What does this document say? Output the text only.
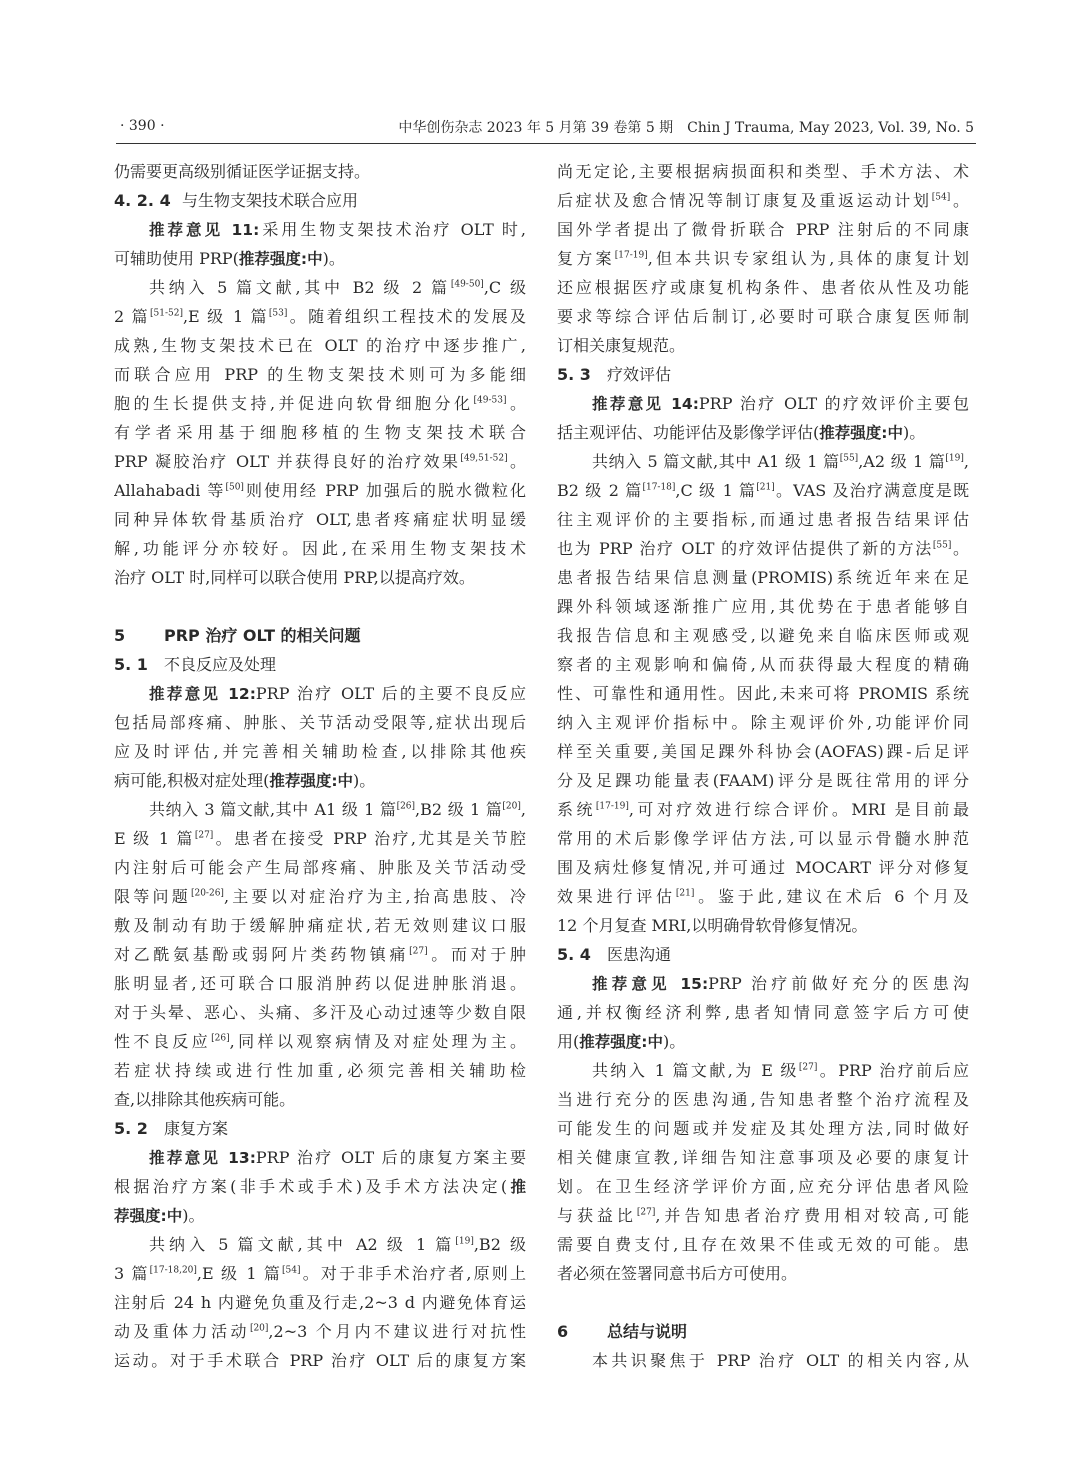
· 390 ·	中华创伤杂志 2023 年 5 月第 39 卷第 5 期　Chin J Trauma, May 2023, Vol. 39, No. 5
仍需要更高级别循证医学证据支持。
4. 2. 4 与生物支架技术联合应用
推荐意见 11:采用生物支架技术治疗 OLT 时,
可辅助使用 PRP(推荐强度:中)。
共纳入 5 篇文献,其中 B2 级 2 篇[49-50],C 级
2 篇[51-52],E 级 1 篇[53]。随着组织工程技术的发展及
成熟,生物支架技术已在 OLT 的治疗中逐步推广,
而联合应用 PRP 的生物支架技术则可为多能细
胞的生长提供支持,并促进向软骨细胞分化[49-53]。
有学者采用基于细胞移植的生物支架技术联合
PRP 凝胶治疗 OLT 并获得良好的治疗效果[49,51-52]。
Allahabadi 等[50]则使用经 PRP 加强后的脱水微粒化
同种异体软骨基质治疗 OLT,患者疼痛症状明显缓
解,功能评分亦较好。因此,在采用生物支架技术
治疗 OLT 时,同样可以联合使用 PRP,以提高疗效。
5 PRP 治疗 OLT 的相关问题
5. 1 不良反应及处理
推荐意见 12:PRP 治疗 OLT 后的主要不良反应
包括局部疼痛、肿胀、关节活动受限等,症状出现后
应及时评估,并完善相关辅助检查,以排除其他疾
病可能,积极对症处理(推荐强度:中)。
共纳入 3 篇文献,其中 A1 级 1 篇[26],B2 级 1 篇[20],
E 级 1 篇[27]。患者在接受 PRP 治疗,尤其是关节腔
内注射后可能会产生局部疼痛、肿胀及关节活动受
限等问题[20-26],主要以对症治疗为主,抬高患肢、冷
敷及制动有助于缓解肿痛症状,若无效则建议口服
对乙酰氨基酚或弱阿片类药物镇痛[27]。而对于肿
胀明显者,还可联合口服消肿药以促进肿胀消退。
对于头晕、恶心、头痛、多汗及心动过速等少数自限
性不良反应[26],同样以观察病情及对症处理为主。
若症状持续或进行性加重,必须完善相关辅助检
查,以排除其他疾病可能。
5. 2 康复方案
推荐意见 13:PRP 治疗 OLT 后的康复方案主要
根据治疗方案(非手术或手术)及手术方法决定(推
荐强度:中)。
共纳入 5 篇文献,其中 A2 级 1 篇[19],B2 级
3 篇[17-18,20],E 级 1 篇[54]。对于非手术治疗者,原则上
注射后 24 h 内避免负重及行走,2~3 d 内避免体育运
动及重体力活动[20],2~3 个月内不建议进行对抗性
运动。对于手术联合 PRP 治疗 OLT 后的康复方案
尚无定论,主要根据病损面积和类型、手术方法、术
后症状及愈合情况等制订康复及重返运动计划[54]。
国外学者提出了微骨折联合 PRP 注射后的不同康
复方案[17-19],但本共识专家组认为,具体的康复计划
还应根据医疗或康复机构条件、患者依从性及功能
要求等综合评估后制订,必要时可联合康复医师制
订相关康复规范。
5. 3 疗效评估
推荐意见 14:PRP 治疗 OLT 的疗效评价主要包
括主观评估、功能评估及影像学评估(推荐强度:中)。
共纳入 5 篇文献,其中 A1 级 1 篇[55],A2 级 1 篇[19],
B2 级 2 篇[17-18],C 级 1 篇[21]。VAS 及治疗满意度是既
往主观评价的主要指标,而通过患者报告结果评估
也为 PRP 治疗 OLT 的疗效评估提供了新的方法[55]。
患者报告结果信息测量(PROMIS)系统近年来在足
踝外科领域逐渐推广应用,其优势在于患者能够自
我报告信息和主观感受,以避免来自临床医师或观
察者的主观影响和偏倚,从而获得最大程度的精确
性、可靠性和通用性。因此,未来可将 PROMIS 系统
纳入主观评价指标中。除主观评价外,功能评价同
样至关重要,美国足踝外科协会(AOFAS)踝-后足评
分及足踝功能量表(FAAM)评分是既往常用的评分
系统[17-19],可对疗效进行综合评价。MRI 是目前最
常用的术后影像学评估方法,可以显示骨髓水肿范
围及病灶修复情况,并可通过 MOCART 评分对修复
效果进行评估[21]。鉴于此,建议在术后 6 个月及
12 个月复查 MRI,以明确骨软骨修复情况。
5. 4 医患沟通
推荐意见 15:PRP 治疗前做好充分的医患沟
通,并权衡经济利弊,患者知情同意签字后方可使
用(推荐强度:中)。
共纳入 1 篇文献,为 E 级[27]。PRP 治疗前后应
当进行充分的医患沟通,告知患者整个治疗流程及
可能发生的问题或并发症及其处理方法,同时做好
相关健康宣教,详细告知注意事项及必要的康复计
划。在卫生经济学评价方面,应充分评估患者风险
与获益比[27],并告知患者治疗费用相对较高,可能
需要自费支付,且存在效果不佳或无效的可能。患
者必须在签署同意书后方可使用。
6 总结与说明
本共识聚焦于 PRP 治疗 OLT 的相关内容,从
